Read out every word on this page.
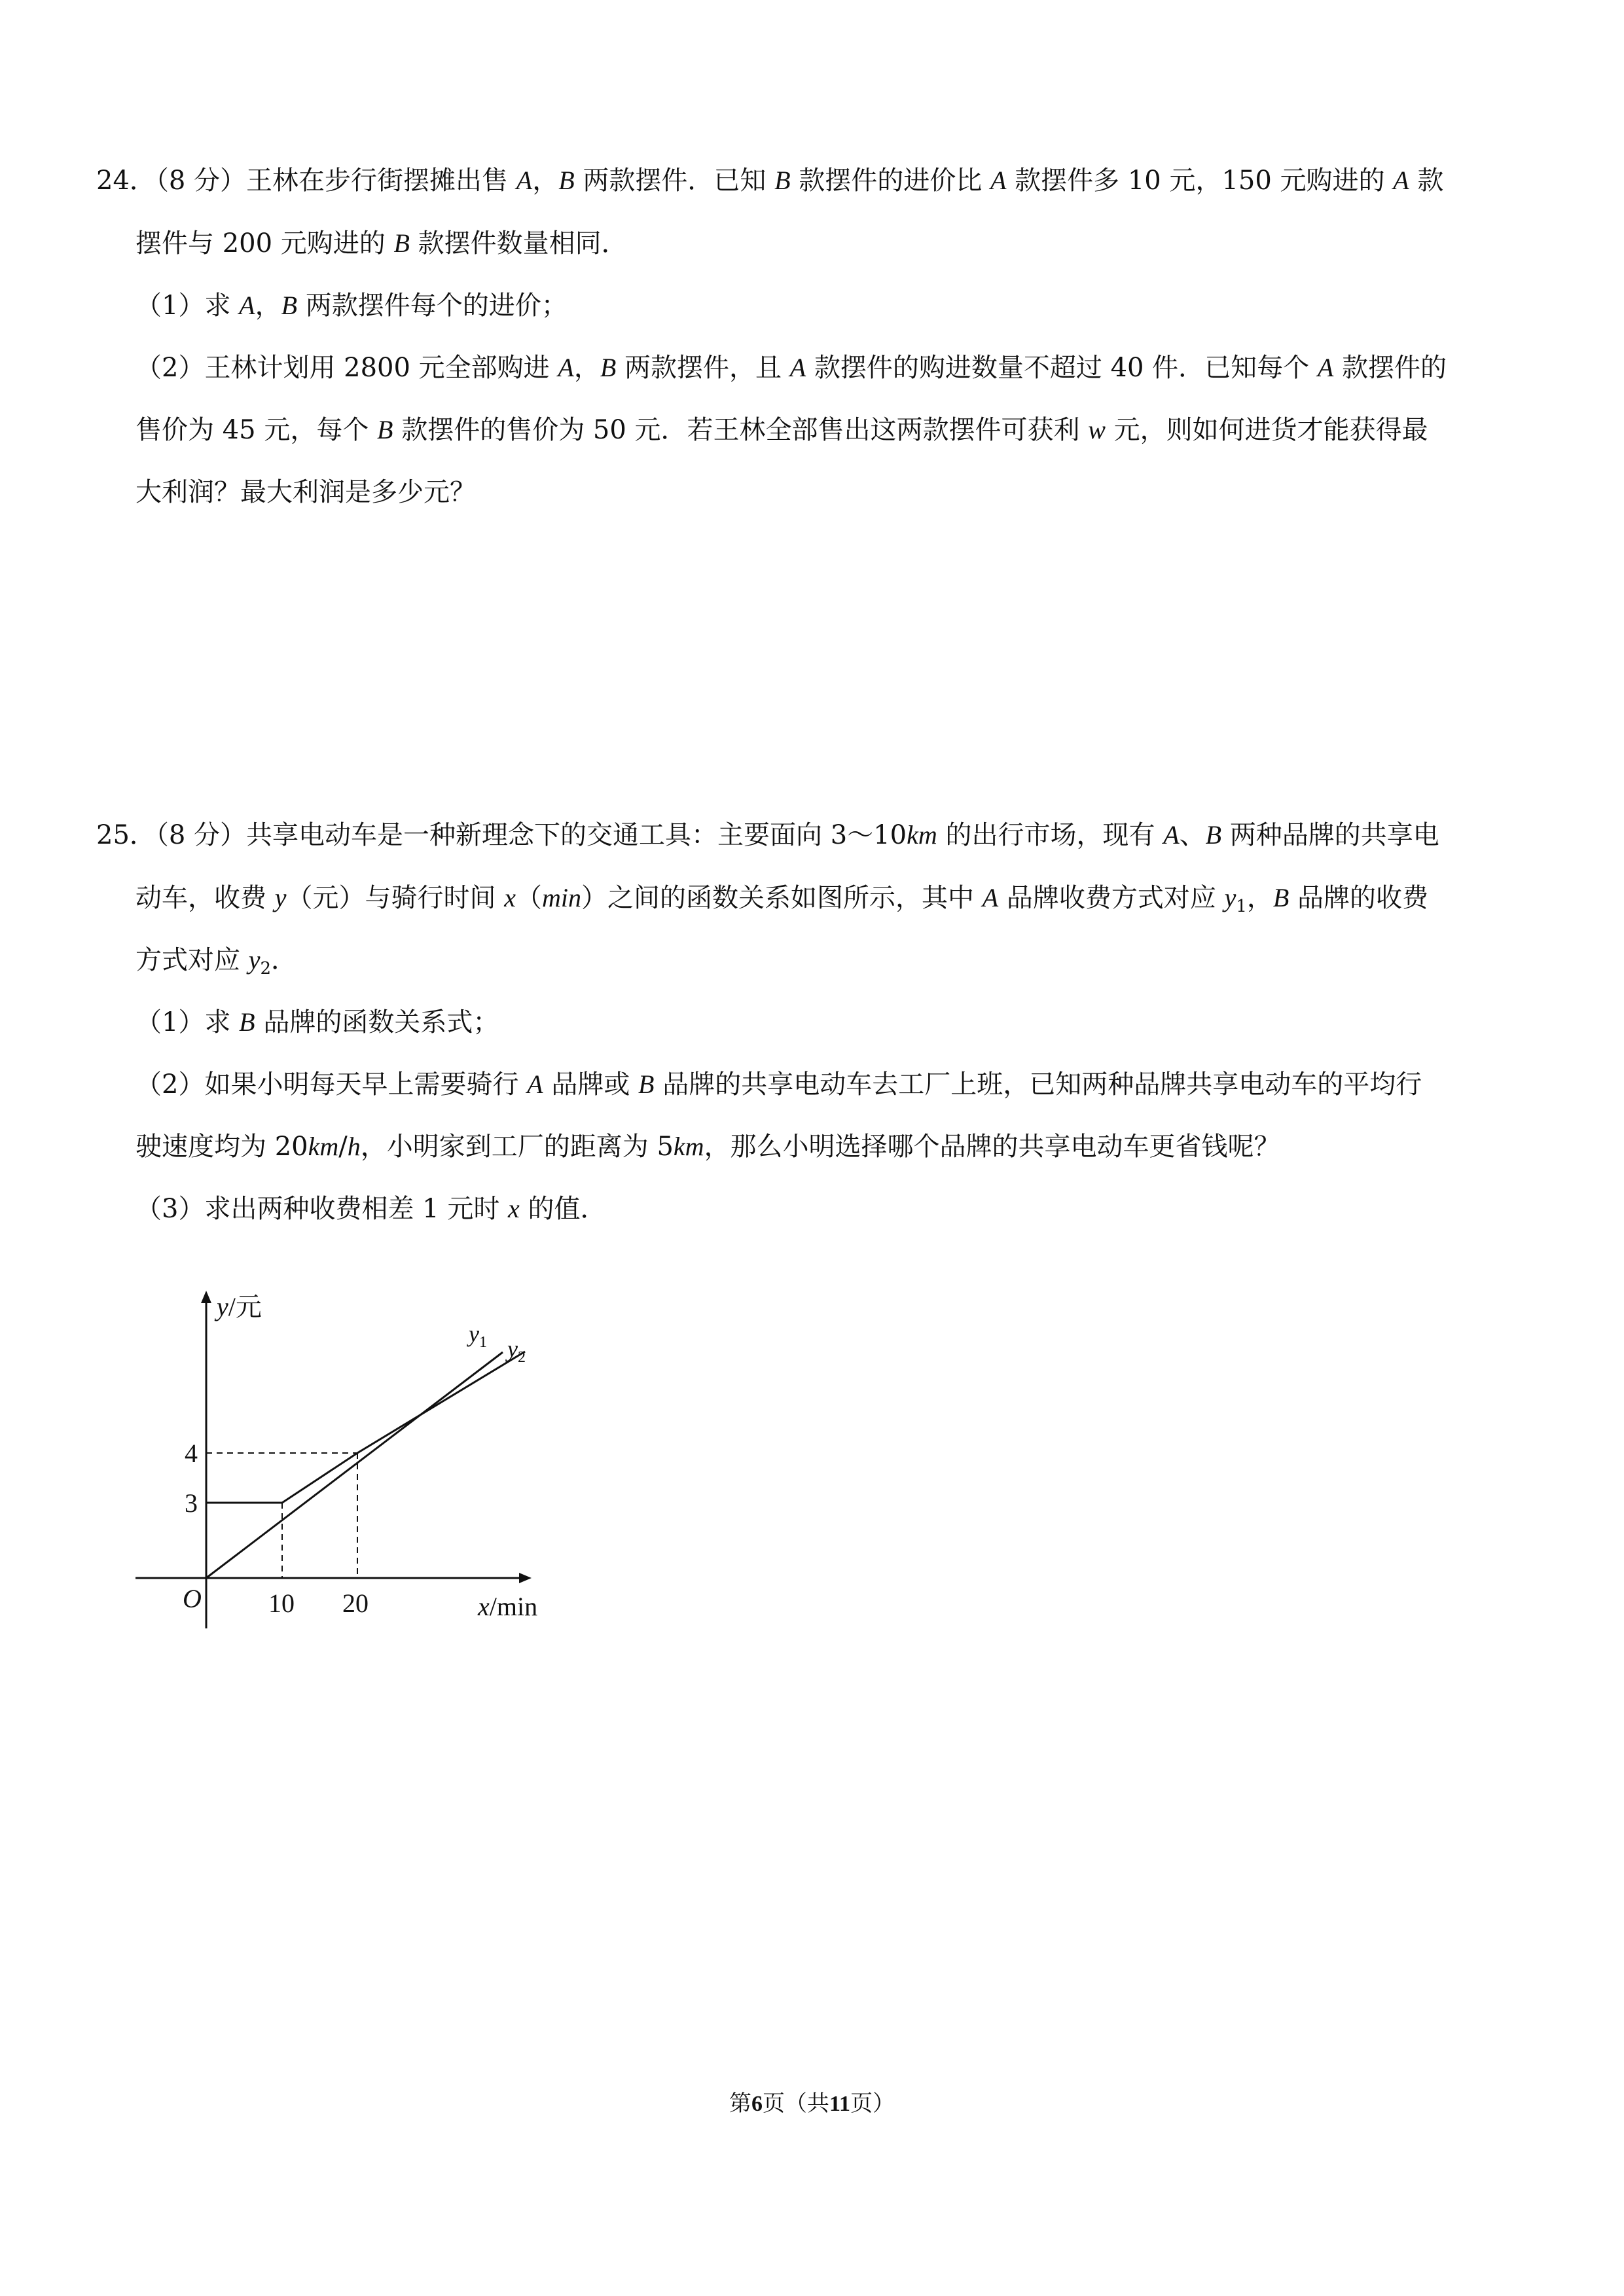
24．（8 分）王林在步行街摆摊出售 A，B 两款摆件．已知 B 款摆件的进价比 A 款摆件多 10 元，150 元购进的 A 款
摆件与 200 元购进的 B 款摆件数量相同．
（1）求 A，B 两款摆件每个的进价；
（2）王林计划用 2800 元全部购进 A，B 两款摆件，且 A 款摆件的购进数量不超过 40 件．已知每个 A 款摆件的
售价为 45 元，每个 B 款摆件的售价为 50 元．若王林全部售出这两款摆件可获利 w 元，则如何进货才能获得最
大利润？最大利润是多少元？
25．（8 分）共享电动车是一种新理念下的交通工具：主要面向 3～10km 的出行市场，现有 A、B 两种品牌的共享电
动车，收费 y（元）与骑行时间 x（min）之间的函数关系如图所示，其中 A 品牌收费方式对应 $y_1$，B 品牌的收费
方式对应 $y_2$．
（1）求 B 品牌的函数关系式；
（2）如果小明每天早上需要骑行 A 品牌或 B 品牌的共享电动车去工厂上班，已知两种品牌共享电动车的平均行
驶速度均为 20km/h，小明家到工厂的距离为 5km，那么小明选择哪个品牌的共享电动车更省钱呢？
（3）求出两种收费相差 1 元时 x 的值．
4
3
O	10 20
y/元
x/min
$y_1$ $y_2$
第6页（共11页）
